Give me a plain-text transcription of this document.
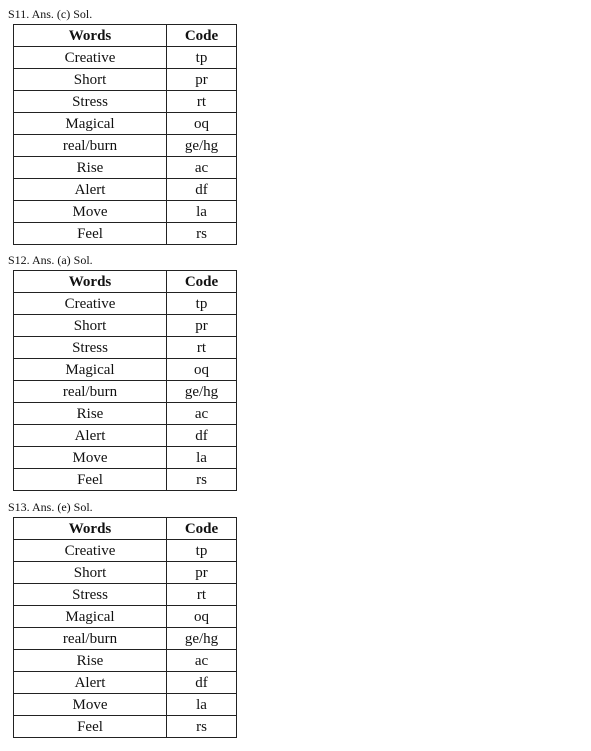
S11. Ans. (c) Sol.
Words	Code
Creative	tp
Short	pr
Stress	rt
Magical	oq
real/burn	ge/hg
Rise	ac
Alert	df
Move	la
Feel	rs
S12. Ans. (a) Sol.
Words	Code
Creative	tp
Short	pr
Stress	rt
Magical	oq
real/burn	ge/hg
Rise	ac
Alert	df
Move	la
Feel	rs
S13. Ans. (e) Sol.
Words	Code
Creative	tp
Short	pr
Stress	rt
Magical	oq
real/burn	ge/hg
Rise	ac
Alert	df
Move	la
Feel	rs
